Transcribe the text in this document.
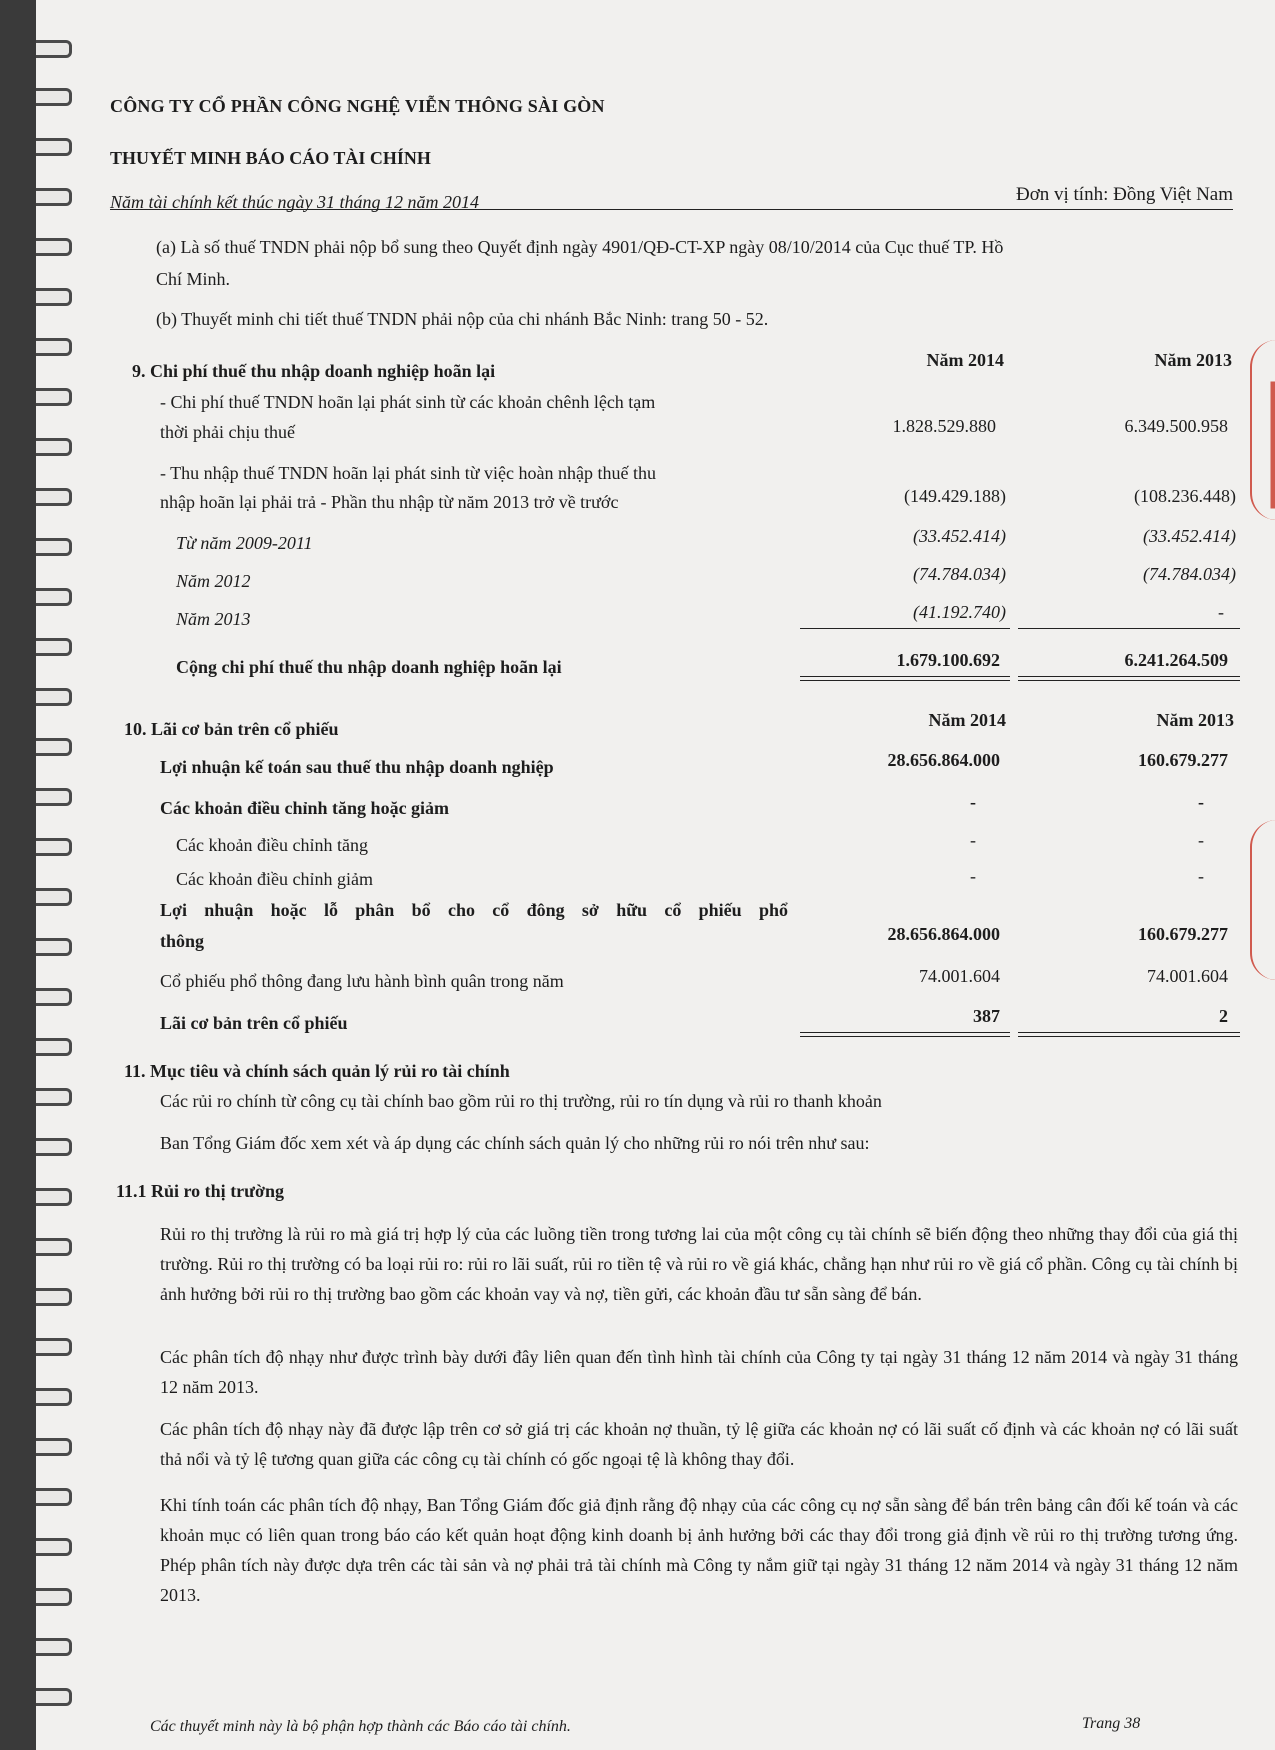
CÔNG TY CỔ PHẦN CÔNG NGHỆ VIỄN THÔNG SÀI GÒN
THUYẾT MINH BÁO CÁO TÀI CHÍNH
Năm tài chính kết thúc ngày 31 tháng 12 năm 2014	Đơn vị tính: Đồng Việt Nam
(a) Là số thuế TNDN phải nộp bổ sung theo Quyết định ngày 4901/QĐ-CT-XP ngày 08/10/2014 của Cục thuế TP. Hồ
Chí Minh.
(b) Thuyết minh chi tiết thuế TNDN phải nộp của chi nhánh Bắc Ninh: trang 50 - 52.
9. Chi phí thuế thu nhập doanh nghiệp hoãn lại
Năm 2014	Năm 2013
- Chi phí thuế TNDN hoãn lại phát sinh từ các khoản chênh lệch tạm
thời phải chịu thuế	1.828.529.880	6.349.500.958
- Thu nhập thuế TNDN hoãn lại phát sinh từ việc hoàn nhập thuế thu
nhập hoãn lại phải trả - Phần thu nhập từ năm 2013 trở về trước	(149.429.188)	(108.236.448)
Từ năm 2009-2011	(33.452.414)	(33.452.414)
Năm 2012	(74.784.034)	(74.784.034)
Năm 2013	(41.192.740)	-
Cộng chi phí thuế thu nhập doanh nghiệp hoãn lại	1.679.100.692	6.241.264.509
10. Lãi cơ bản trên cổ phiếu	Năm 2014	Năm 2013
Lợi nhuận kế toán sau thuế thu nhập doanh nghiệp	28.656.864.000	160.679.277
Các khoản điều chỉnh tăng hoặc giảm	-	-
Các khoản điều chỉnh tăng	-	-
Các khoản điều chỉnh giảm	-	-
Lợi nhuận hoặc lỗ phân bổ cho cổ đông sở hữu cổ phiếu phổ
thông	28.656.864.000	160.679.277
Cổ phiếu phổ thông đang lưu hành bình quân trong năm	74.001.604	74.001.604
Lãi cơ bản trên cổ phiếu	387	2
11. Mục tiêu và chính sách quản lý rủi ro tài chính
Các rủi ro chính từ công cụ tài chính bao gồm rủi ro thị trường, rủi ro tín dụng và rủi ro thanh khoản
Ban Tổng Giám đốc xem xét và áp dụng các chính sách quản lý cho những rủi ro nói trên như sau:
11.1 Rủi ro thị trường
Rủi ro thị trường là rủi ro mà giá trị hợp lý của các luồng tiền trong tương lai của một công cụ tài chính sẽ biến động theo những thay đổi của giá thị trường. Rủi ro thị trường có ba loại rủi ro: rủi ro lãi suất, rủi ro tiền tệ và rủi ro về giá khác, chẳng hạn như rủi ro về giá cổ phần. Công cụ tài chính bị ảnh hưởng bởi rủi ro thị trường bao gồm các khoản vay và nợ, tiền gửi, các khoản đầu tư sẵn sàng để bán.
Các phân tích độ nhạy như được trình bày dưới đây liên quan đến tình hình tài chính của Công ty tại ngày 31 tháng 12 năm 2014 và ngày 31 tháng 12 năm 2013.
Các phân tích độ nhạy này đã được lập trên cơ sở giá trị các khoản nợ thuần, tỷ lệ giữa các khoản nợ có lãi suất cố định và các khoản nợ có lãi suất thả nổi và tỷ lệ tương quan giữa các công cụ tài chính có gốc ngoại tệ là không thay đổi.
Khi tính toán các phân tích độ nhạy, Ban Tổng Giám đốc giả định rằng độ nhạy của các công cụ nợ sẵn sàng để bán trên bảng cân đối kế toán và các khoản mục có liên quan trong báo cáo kết quản hoạt động kinh doanh bị ảnh hưởng bởi các thay đổi trong giả định về rủi ro thị trường tương ứng. Phép phân tích này được dựa trên các tài sản và nợ phải trả tài chính mà Công ty nắm giữ tại ngày 31 tháng 12 năm 2014 và ngày 31 tháng 12 năm 2013.
Các thuyết minh này là bộ phận hợp thành các Báo cáo tài chính.	Trang 38
